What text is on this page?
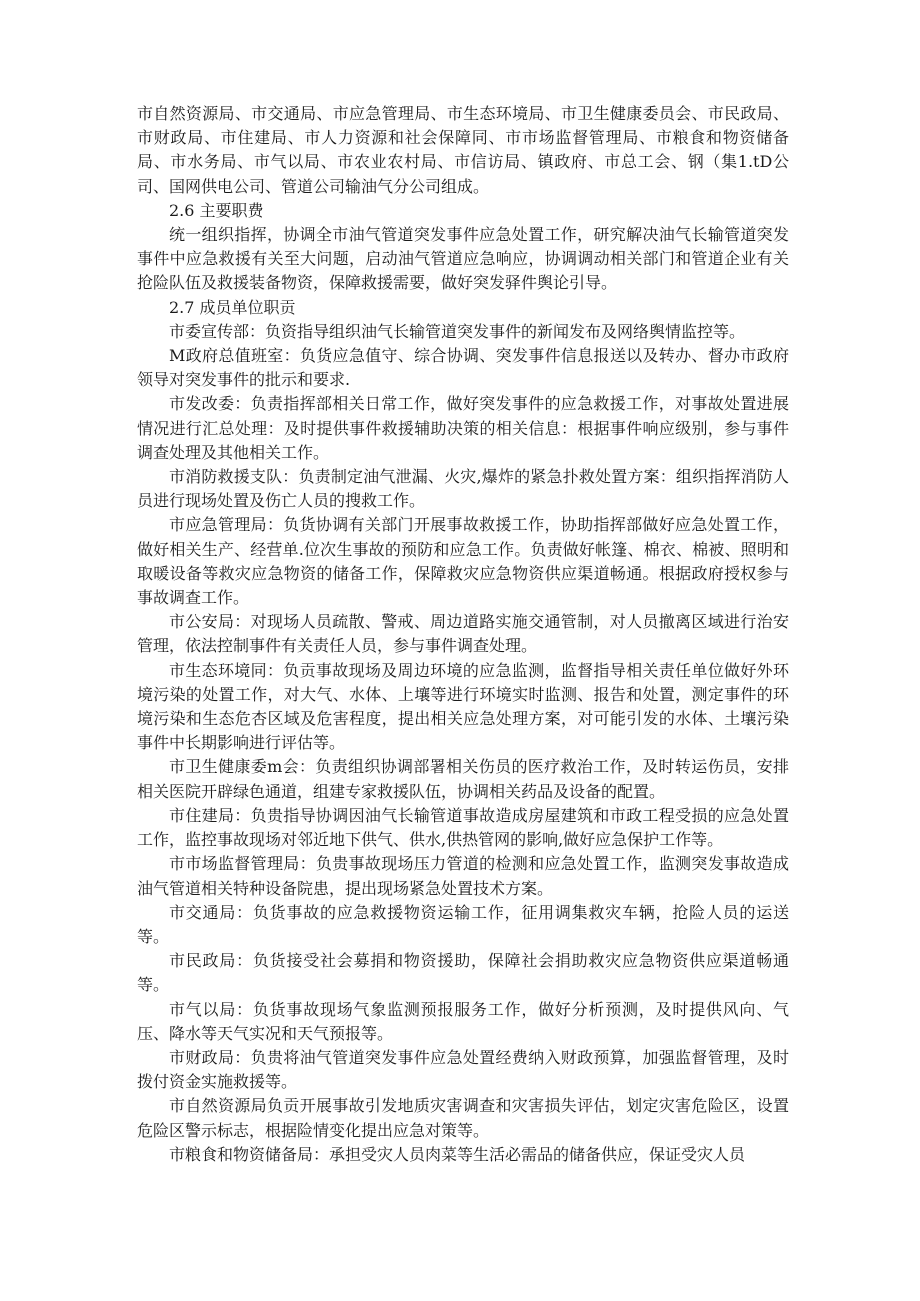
市自然资源局、市交通局、市应急管理局、市生态环境局、市卫生健康委员会、市民政局、市财政局、市住建局、市人力资源和社会保障同、市市场监督管理局、市粮食和物资储备局、市水务局、市气以局、市农业农村局、市信访局、镇政府、市总工会、钢（集1.tD公司、国网供电公司、管道公司输油气分公司组成。

2.6 主要职费

统一组织指挥，协调全市油气管道突发事件应急处置工作，研究解决油气长输管道突发事件中应急救援有关至大问题，启动油气管道应急响应，协调调动相关部门和管道企业有关抢险队伍及救援装备物资，保障救援需要，做好突发驿件舆论引导。

2.7 成员单位职贡

市委宣传部：负资指导组织油气长输管道突发事件的新闻发布及网络舆情监控等。

M政府总值班室：负货应急值守、综合协调、突发事件信息报送以及转办、督办市政府领导对突发事件的批示和要求.

市发改委：负责指挥部相关日常工作，做好突发事件的应急救援工作，对事故处置进展情况进行汇总处理：及时提供事件救援辅助决策的相关信息：根据事件响应级别，参与事件调查处理及其他相关工作。

市消防救援支队：负责制定油气泄漏、火灾,爆炸的紧急扑救处置方案：组织指挥消防人员进行现场处置及伤亡人员的搜救工作。

市应急管理局：负货协调有关部门开展事故救援工作，协助指挥部做好应急处置工作，做好相关生产、经营单.位次生事故的预防和应急工作。负责做好帐篷、棉衣、棉被、照明和取暖设备等救灾应急物资的储备工作，保障救灾应急物资供应渠道畅通。根据政府授权参与事故调查工作。

市公安局：对现场人员疏散、警戒、周边道路实施交通管制，对人员撤离区域进行治安管理，依法控制事件有关责任人员，参与事件调查处理。

市生态环境同：负贡事故现场及周边环境的应急监测，监督指导相关责任单位做好外环境污染的处置工作，对大气、水体、上壤等进行环境实时监测、报告和处置，测定事件的环境污染和生态危杏区域及危害程度，提出相关应急处理方案，对可能引发的水体、土壤污染事件中长期影响进行评估等。

市卫生健康委m会：负责组织协调部署相关伤员的医疗救治工作，及时转运伤员，安排相关医院开辟绿色通道，组建专家救援队伍，协调相关药品及设备的配置。

市住建局：负贵指导协调因油气长输管道事故造成房屋建筑和市政工程受损的应急处置工作，监控事故现场对邻近地下供气、供水,供热管网的影响,做好应急保护工作等。

市市场监督管理局：负贵事故现场压力管道的检测和应急处置工作，监测突发事故造成油气管道相关特种设备院患，提出现场紧急处置技术方案。

市交通局：负货事故的应急救援物资运输工作，征用调集救灾车辆，抢险人员的运送等。

市民政局：负货接受社会募捐和物资援助，保障社会捐助救灾应急物资供应渠道畅通等。

市气以局：负货事故现场气象监测预报服务工作，做好分析预测，及时提供风向、气压、降水等天气实况和天气预报等。

市财政局：负贵将油气管道突发事件应急处置经费纳入财政预算，加强监督管理，及时拨付资金实施救援等。

市自然资源局负贡开展事故引发地质灾害调查和灾害损失评估，划定灾害危险区，设置危险区警示标志，根据险情变化提出应急对策等。

市粮食和物资储备局：承担受灾人员肉菜等生活必需品的储备供应，保证受灾人员
